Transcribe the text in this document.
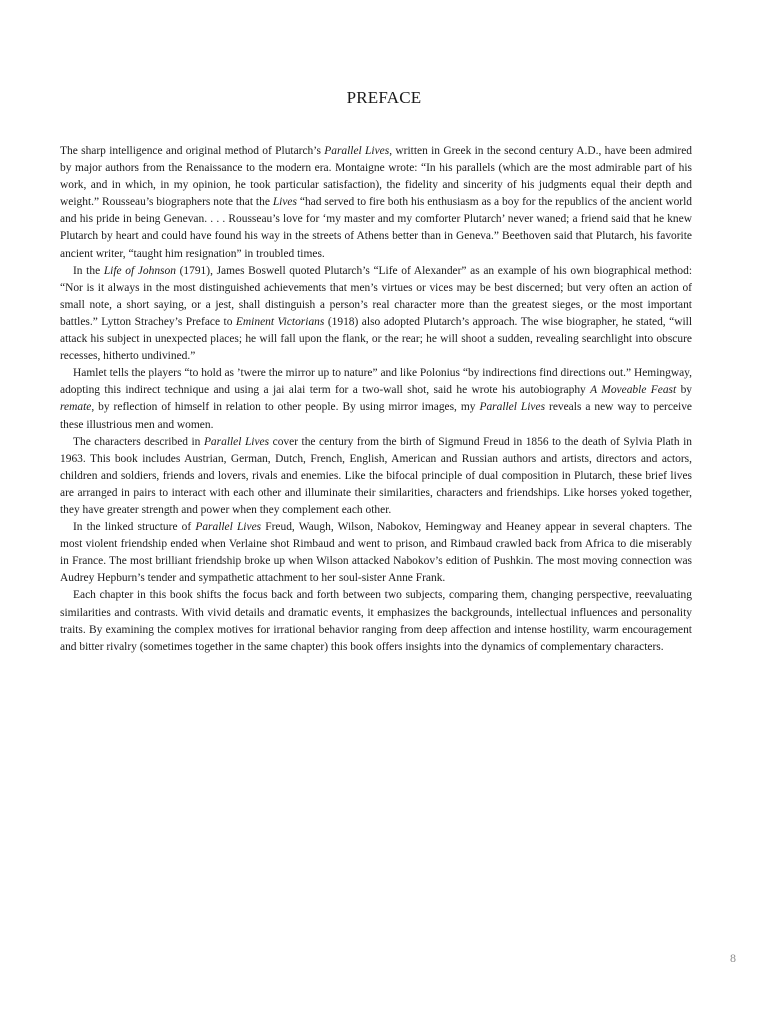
PREFACE

The sharp intelligence and original method of Plutarch’s Parallel Lives, written in Greek in the second century A.D., have been admired by major authors from the Renaissance to the modern era. Montaigne wrote: “In his parallels (which are the most admirable part of his work, and in which, in my opinion, he took particular satisfaction), the fidelity and sincerity of his judgments equal their depth and weight.” Rousseau’s biographers note that the Lives “had served to fire both his enthusiasm as a boy for the republics of the ancient world and his pride in being Genevan. . . . Rousseau’s love for ‘my master and my comforter Plutarch’ never waned; a friend said that he knew Plutarch by heart and could have found his way in the streets of Athens better than in Geneva.” Beethoven said that Plutarch, his favorite ancient writer, “taught him resignation” in troubled times.

In the Life of Johnson (1791), James Boswell quoted Plutarch’s “Life of Alexander” as an example of his own biographical method: “Nor is it always in the most distinguished achievements that men’s virtues or vices may be best discerned; but very often an action of small note, a short saying, or a jest, shall distinguish a person’s real character more than the greatest sieges, or the most important battles.” Lytton Strachey’s Preface to Eminent Victorians (1918) also adopted Plutarch’s approach. The wise biographer, he stated, “will attack his subject in unexpected places; he will fall upon the flank, or the rear; he will shoot a sudden, revealing searchlight into obscure recesses, hitherto undivined.”

Hamlet tells the players “to hold as ’twere the mirror up to nature” and like Polonius “by indirections find directions out.” Hemingway, adopting this indirect technique and using a jai alai term for a two-wall shot, said he wrote his autobiography A Moveable Feast by remate, by reflection of himself in relation to other people. By using mirror images, my Parallel Lives reveals a new way to perceive these illustrious men and women.

The characters described in Parallel Lives cover the century from the birth of Sigmund Freud in 1856 to the death of Sylvia Plath in 1963. This book includes Austrian, German, Dutch, French, English, American and Russian authors and artists, directors and actors, children and soldiers, friends and lovers, rivals and enemies. Like the bifocal principle of dual composition in Plutarch, these brief lives are arranged in pairs to interact with each other and illuminate their similarities, characters and friendships. Like horses yoked together, they have greater strength and power when they complement each other.

In the linked structure of Parallel Lives Freud, Waugh, Wilson, Nabokov, Hemingway and Heaney appear in several chapters. The most violent friendship ended when Verlaine shot Rimbaud and went to prison, and Rimbaud crawled back from Africa to die miserably in France. The most brilliant friendship broke up when Wilson attacked Nabokov’s edition of Pushkin. The most moving connection was Audrey Hepburn’s tender and sympathetic attachment to her soul-sister Anne Frank.

Each chapter in this book shifts the focus back and forth between two subjects, comparing them, changing perspective, reevaluating similarities and contrasts. With vivid details and dramatic events, it emphasizes the backgrounds, intellectual influences and personality traits. By examining the complex motives for irrational behavior ranging from deep affection and intense hostility, warm encouragement and bitter rivalry (sometimes together in the same chapter) this book offers insights into the dynamics of complementary characters.

8
